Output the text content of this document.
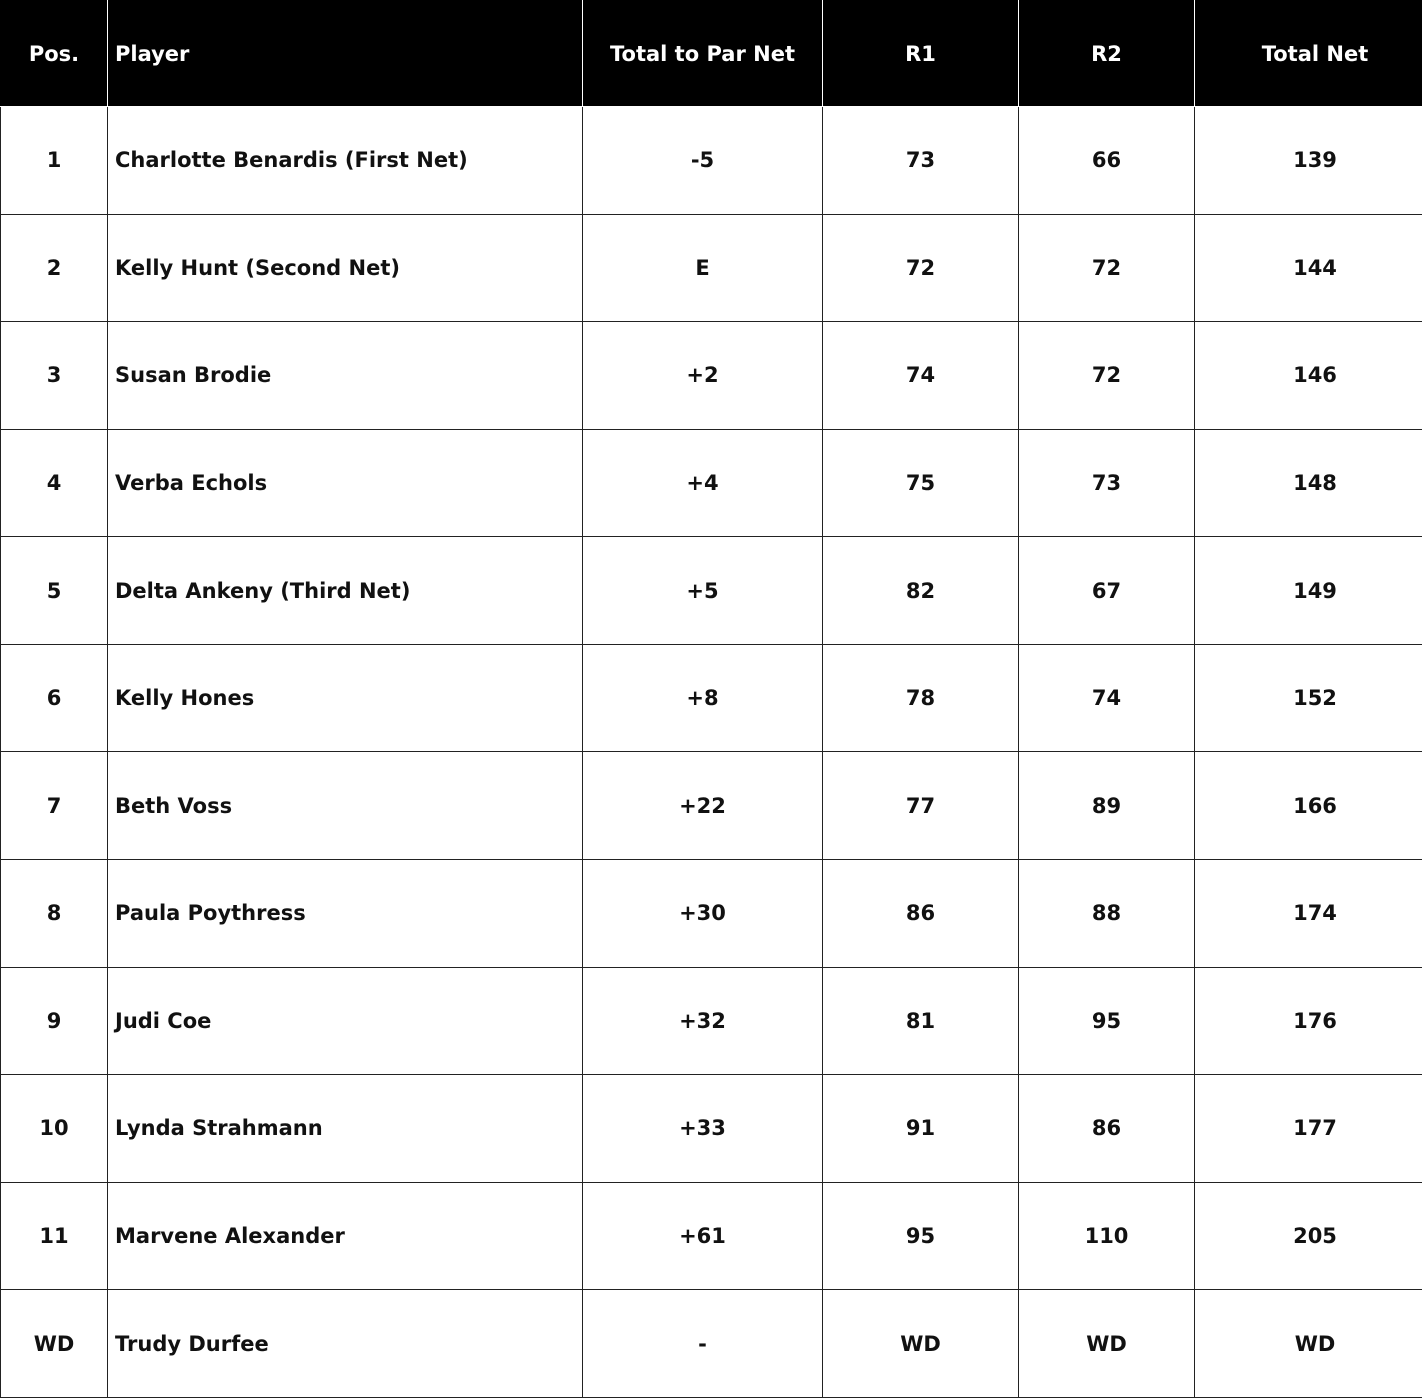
Pos.	Player	Total to Par Net	R1	R2	Total Net
1	Charlotte Benardis (First Net)	-5	73	66	139
2	Kelly Hunt (Second Net)	E	72	72	144
3	Susan Brodie	+2	74	72	146
4	Verba Echols	+4	75	73	148
5	Delta Ankeny (Third Net)	+5	82	67	149
6	Kelly Hones	+8	78	74	152
7	Beth Voss	+22	77	89	166
8	Paula Poythress	+30	86	88	174
9	Judi Coe	+32	81	95	176
10	Lynda Strahmann	+33	91	86	177
11	Marvene Alexander	+61	95	110	205
WD	Trudy Durfee	-	WD	WD	WD
